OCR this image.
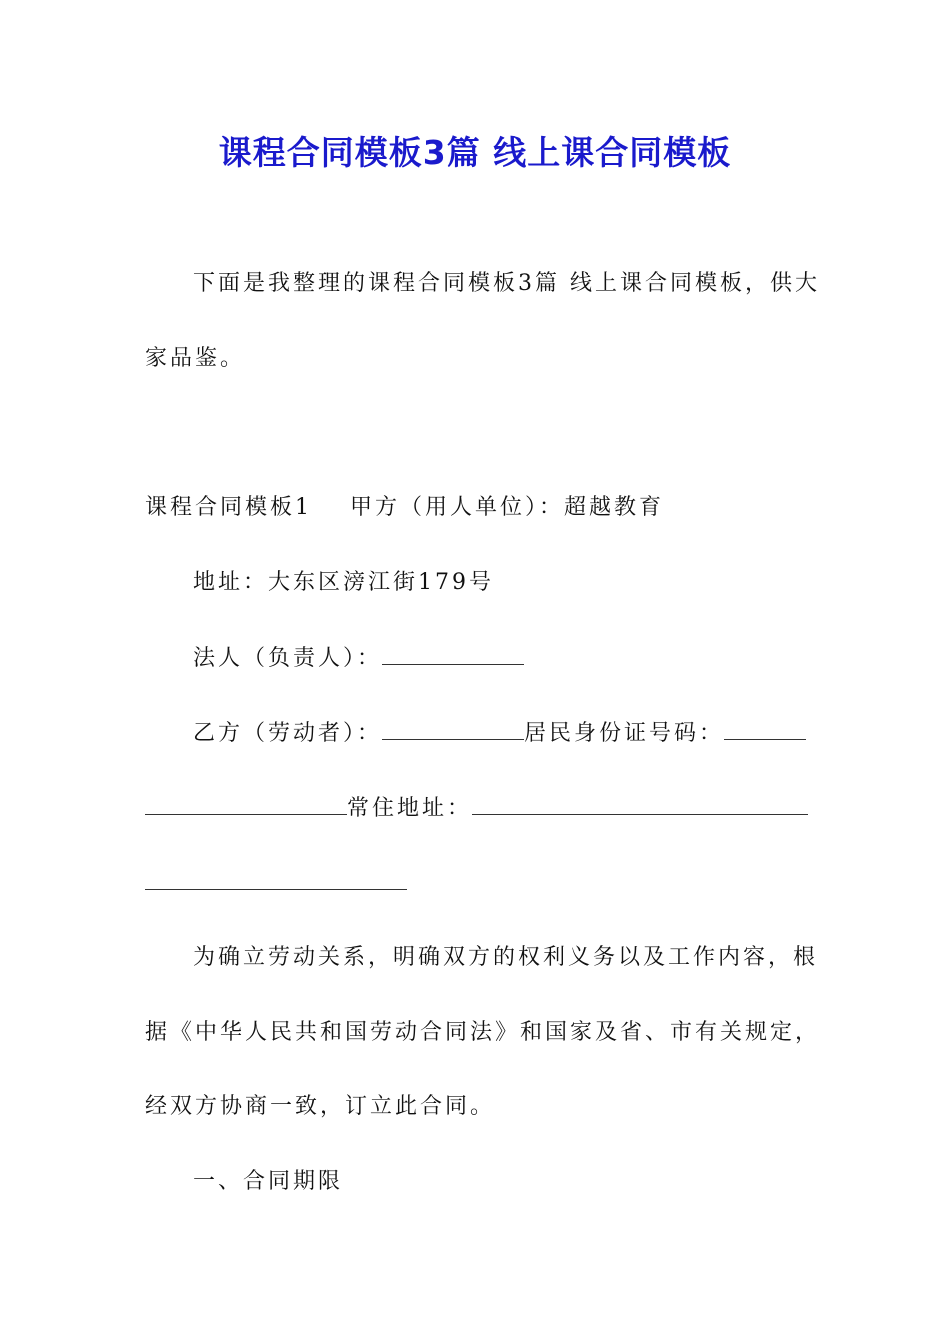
课程合同模板3篇 线上课合同模板
下面是我整理的课程合同模板3篇 线上课合同模板，供大
家品鉴。
课程合同模板1 甲方（用人单位）：超越教育
地址：大东区滂江街179号
法人（负责人）：
乙方（劳动者）：	居民身份证号码：
常住地址：
为确立劳动关系，明确双方的权利义务以及工作内容，根
据《中华人民共和国劳动合同法》和国家及省、市有关规定，
经双方协商一致，订立此合同。
一、合同期限
